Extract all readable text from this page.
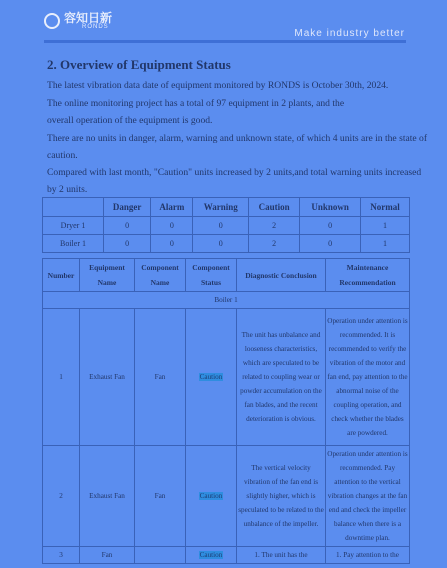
容知日新
RONDS
Make industry better
2. Overview of Equipment Status
The latest vibration data date of equipment monitored by RONDS is October 30th, 2024.
The online monitoring project has a total of 97 equipment in 2 plants, and the
overall operation of the equipment is good.
There are no units in danger, alarm, warning and unknown state, of which 4 units are in the state of
caution.
Compared with last month, "Caution" units increased by 2 units,and total warning units increased
by 2 units.
	Danger	Alarm	Warning	Caution	Unknown	Normal
Dryer 1	0	0	0	2	0	1
Boiler 1	0	0	0	2	0	1
Number	Equipment Name	Component Name	Component Status	Diagnostic Conclusion	Maintenance Recommendation
Boiler 1					
1	Exhaust Fan	Fan	Caution	The unit has unbalance and looseness characteristics, which are speculated to be related to coupling wear or powder accumulation on the fan blades, and the recent deterioration is obvious.	Operation under attention is recommended. It is recommended to verify the vibration of the motor and fan end, pay attention to the abnormal noise of the coupling operation, and check whether the blades are powdered.
2	Exhaust Fan	Fan	Caution	The vertical velocity vibration of the fan end is slightly higher, which is speculated to be related to the unbalance of the impeller.	Operation under attention is recommended. Pay attention to the vertical vibration changes at the fan end and check the impeller balance when there is a downtime plan.
3	Fan		Caution	1. The unit has the	1. Pay attention to the
